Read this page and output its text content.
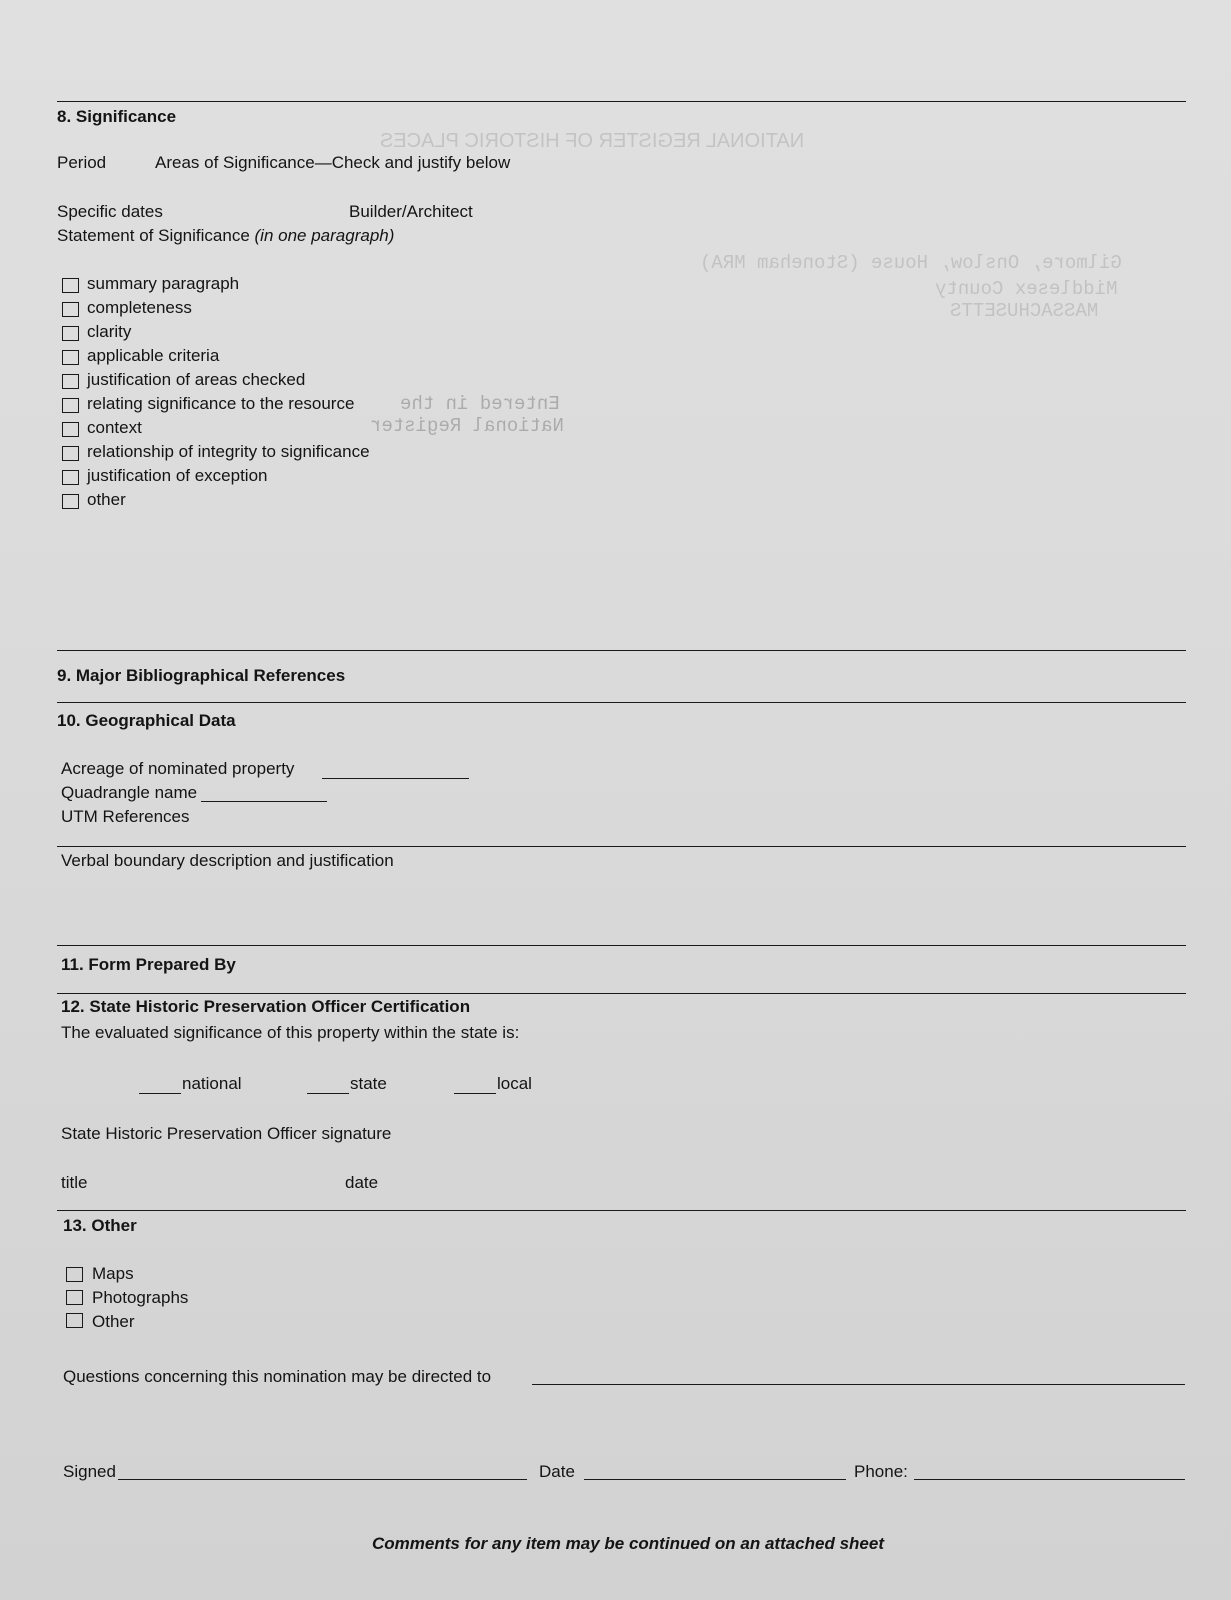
NATIONAL REGISTER OF HISTORIC PLACES
Gilmore, Onslow, House (Stoneham MRA)
Middlesex County
MASSACHUSETTS
Entered in the
National Register
8. Significance
Period	Areas of Significance—Check and justify below
Specific dates	Builder/Architect
Statement of Significance (in one paragraph)
summary paragraph
completeness
clarity
applicable criteria
justification of areas checked
relating significance to the resource
context
relationship of integrity to significance
justification of exception
other
9. Major Bibliographical References
10. Geographical Data
Acreage of nominated property
Quadrangle name
UTM References
Verbal boundary description and justification
11. Form Prepared By
12. State Historic Preservation Officer Certification
The evaluated significance of this property within the state is:
national	state	local
State Historic Preservation Officer signature
title	date
13. Other
Maps
Photographs
Other
Questions concerning this nomination may be directed to
Signed	Date	Phone:
Comments for any item may be continued on an attached sheet
